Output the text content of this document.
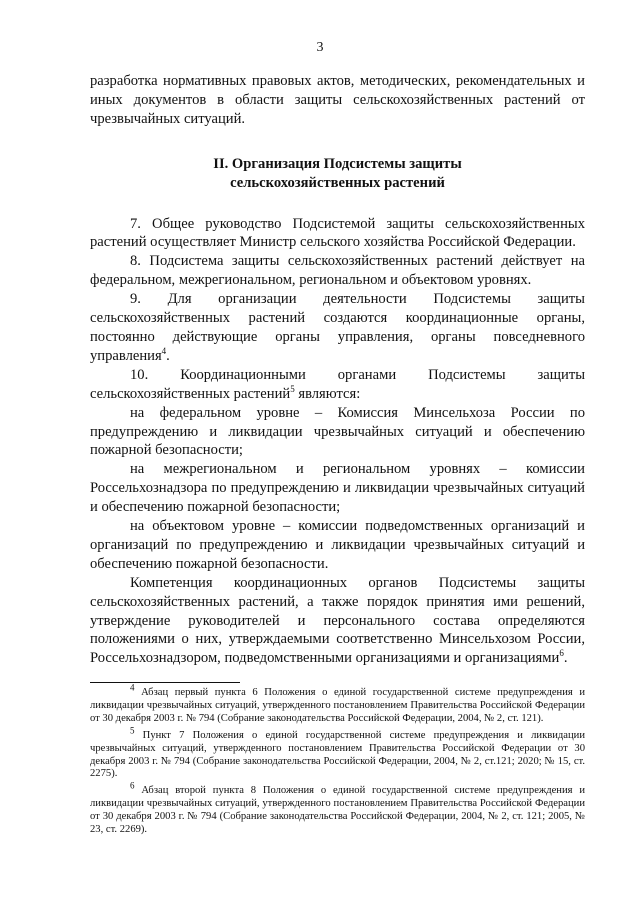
3

разработка нормативных правовых актов, методических, рекомендательных и иных документов в области защиты сельскохозяйственных растений от чрезвычайных ситуаций.

II. Организация Подсистемы защиты
сельскохозяйственных растений

7. Общее руководство Подсистемой защиты сельскохозяйственных растений осуществляет Министр сельского хозяйства Российской Федерации.

8. Подсистема защиты сельскохозяйственных растений действует на федеральном, межрегиональном, региональном и объектовом уровнях.

9. Для организации деятельности Подсистемы защиты сельскохозяйственных растений создаются координационные органы, постоянно действующие органы управления, органы повседневного управления$^4$.

10. Координационными органами Подсистемы защиты сельскохозяйственных растений$^5$ являются:

на федеральном уровне – Комиссия Минсельхоза России по предупреждению и ликвидации чрезвычайных ситуаций и обеспечению пожарной безопасности;

на межрегиональном и региональном уровнях – комиссии Россельхознадзора по предупреждению и ликвидации чрезвычайных ситуаций и обеспечению пожарной безопасности;

на объектовом уровне – комиссии подведомственных организаций и организаций по предупреждению и ликвидации чрезвычайных ситуаций и обеспечению пожарной безопасности.

Компетенция координационных органов Подсистемы защиты сельскохозяйственных растений, а также порядок принятия ими решений, утверждение руководителей и персонального состава определяются положениями о них, утверждаемыми соответственно Минсельхозом России, Россельхознадзором, подведомственными организациями и организациями$^6$.

$^4$ Абзац первый пункта 6 Положения о единой государственной системе предупреждения и ликвидации чрезвычайных ситуаций, утвержденного постановлением Правительства Российской Федерации от 30 декабря 2003 г. № 794 (Собрание законодательства Российской Федерации, 2004, № 2, ст. 121).

$^5$ Пункт 7 Положения о единой государственной системе предупреждения и ликвидации чрезвычайных ситуаций, утвержденного постановлением Правительства Российской Федерации от 30 декабря 2003 г. № 794 (Собрание законодательства Российской Федерации, 2004, № 2, ст.121; 2020; № 15, ст. 2275).

$^6$ Абзац второй пункта 8 Положения о единой государственной системе предупреждения и ликвидации чрезвычайных ситуаций, утвержденного постановлением Правительства Российской Федерации от 30 декабря 2003 г. № 794 (Собрание законодательства Российской Федерации, 2004, № 2, ст. 121; 2005, № 23, ст. 2269).
